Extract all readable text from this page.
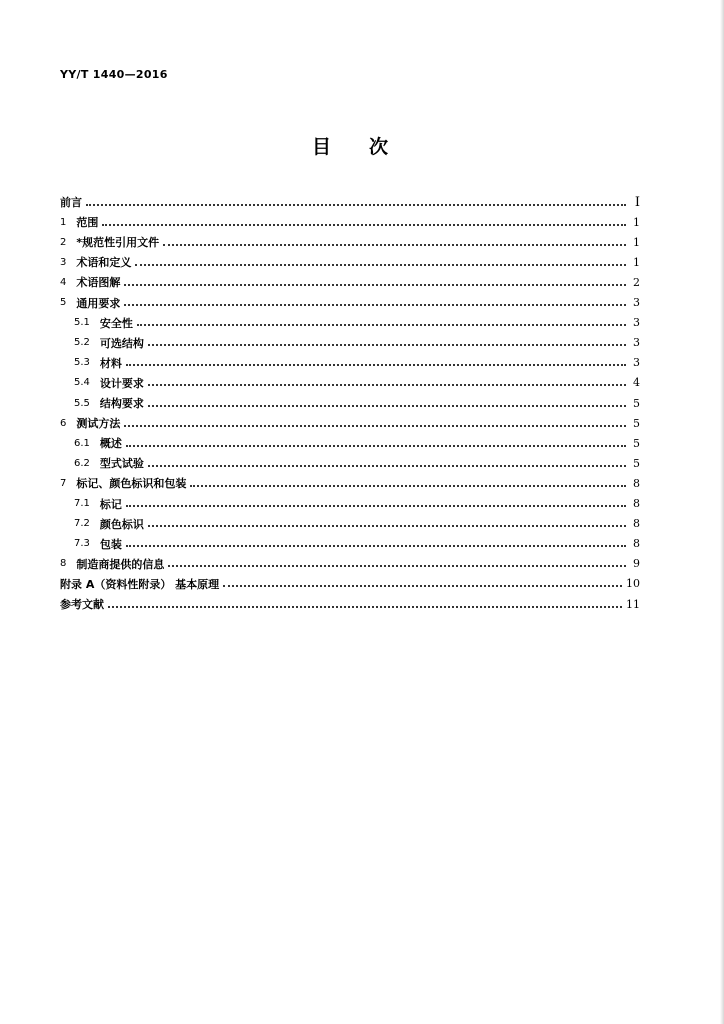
YY/T 1440—2016
目 次
前言	Ⅰ
1 范围	1
2 *规范性引用文件	1
3 术语和定义	1
4 术语图解	2
5 通用要求	3
5.1 安全性	3
5.2 可选结构	3
5.3 材料	3
5.4 设计要求	4
5.5 结构要求	5
6 测试方法	5
6.1 概述	5
6.2 型式试验	5
7 标记、颜色标识和包装	8
7.1 标记	8
7.2 颜色标识	8
7.3 包装	8
8 制造商提供的信息	9
附录 A（资料性附录） 基本原理	10
参考文献	11
